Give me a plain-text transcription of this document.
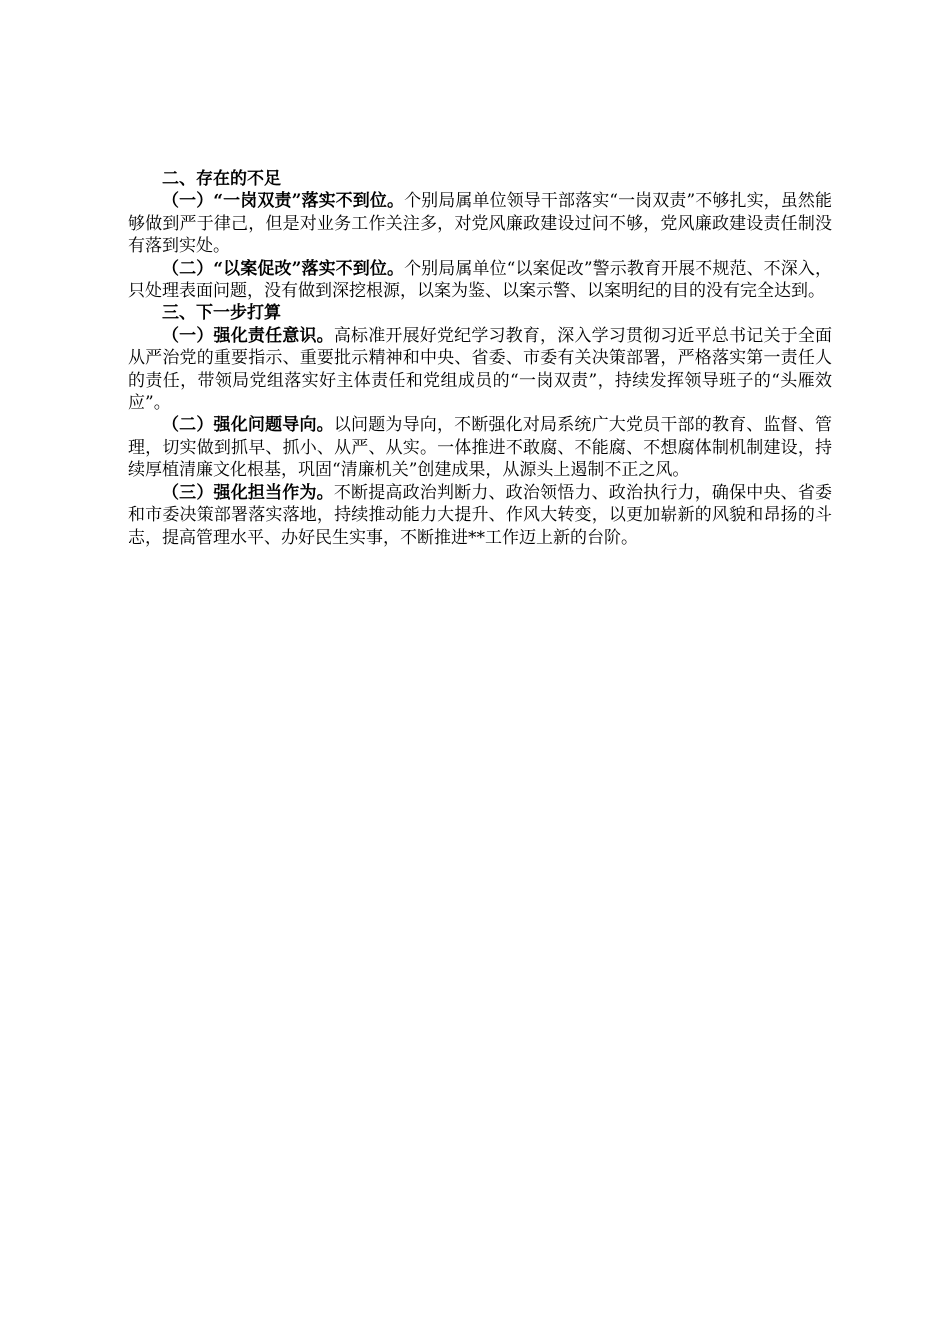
二、存在的不足

（一）“一岗双责”落实不到位。个别局属单位领导干部落实“一岗双责”不够扎实，虽然能够做到严于律己，但是对业务工作关注多，对党风廉政建设过问不够，党风廉政建设责任制没有落到实处。

（二）“以案促改”落实不到位。个别局属单位“以案促改”警示教育开展不规范、不深入，只处理表面问题，没有做到深挖根源，以案为鉴、以案示警、以案明纪的目的没有完全达到。

三、下一步打算

（一）强化责任意识。高标准开展好党纪学习教育，深入学习贯彻习近平总书记关于全面从严治党的重要指示、重要批示精神和中央、省委、市委有关决策部署，严格落实第一责任人的责任，带领局党组落实好主体责任和党组成员的“一岗双责”，持续发挥领导班子的“头雁效应”。

（二）强化问题导向。以问题为导向，不断强化对局系统广大党员干部的教育、监督、管理，切实做到抓早、抓小、从严、从实。一体推进不敢腐、不能腐、不想腐体制机制建设，持续厚植清廉文化根基，巩固“清廉机关”创建成果，从源头上遏制不正之风。

（三）强化担当作为。不断提高政治判断力、政治领悟力、政治执行力，确保中央、省委和市委决策部署落实落地，持续推动能力大提升、作风大转变，以更加崭新的风貌和昂扬的斗志，提高管理水平、办好民生实事，不断推进**工作迈上新的台阶。
